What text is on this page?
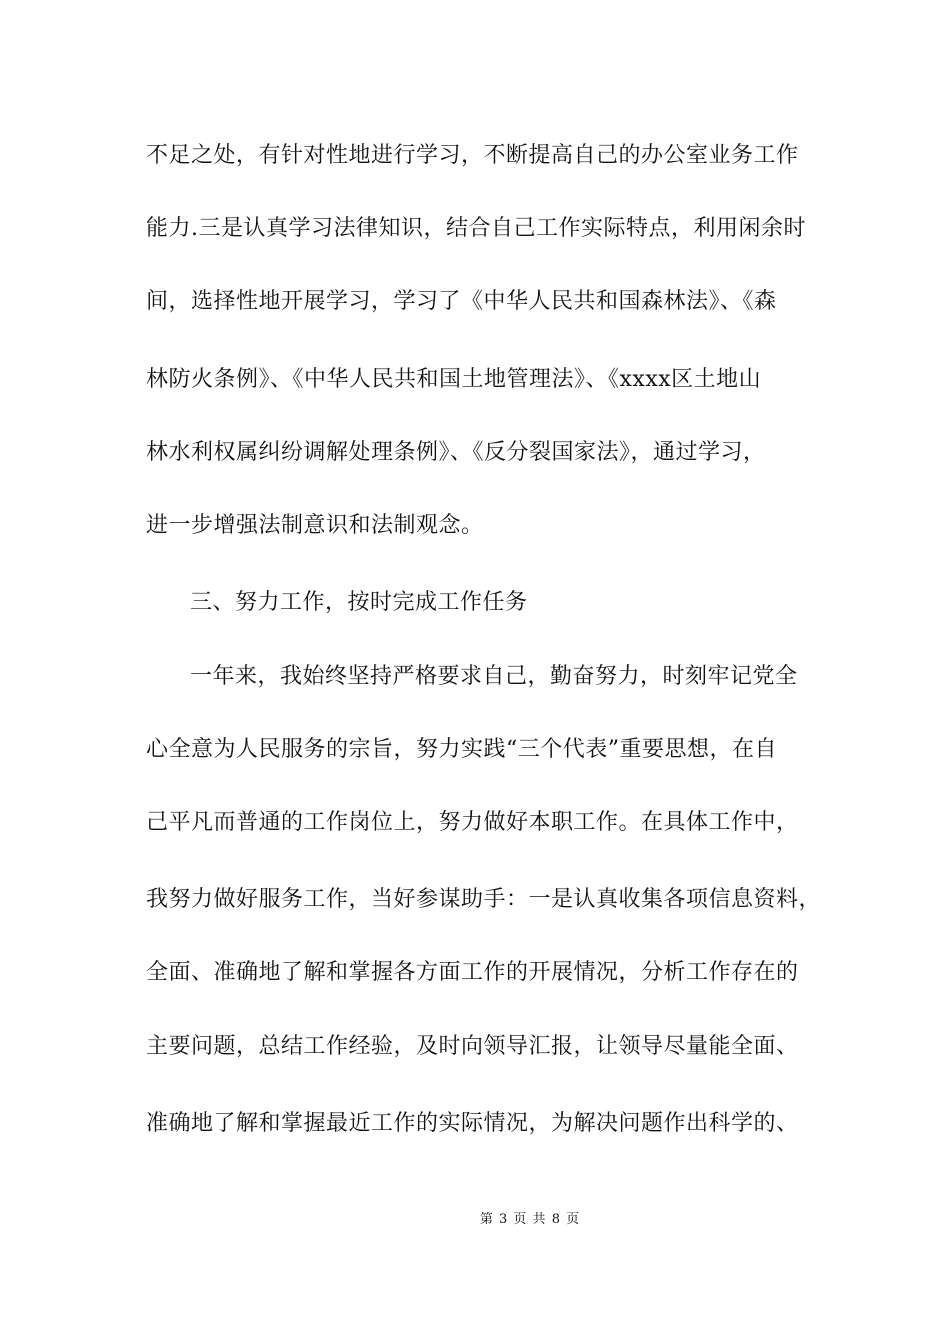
不足之处，有针对性地进行学习，不断提高自己的办公室业务工作
能力.三是认真学习法律知识，结合自己工作实际特点，利用闲余时
间，选择性地开展学习，学习了《中华人民共和国森林法》、《森
林防火条例》、《中华人民共和国土地管理法》、《xxxx区土地山
林水利权属纠纷调解处理条例》、《反分裂国家法》，通过学习，
进一步增强法制意识和法制观念。
三、努力工作，按时完成工作任务
一年来，我始终坚持严格要求自己，勤奋努力，时刻牢记党全
心全意为人民服务的宗旨，努力实践“三个代表”重要思想，在自
己平凡而普通的工作岗位上，努力做好本职工作。在具体工作中，
我努力做好服务工作，当好参谋助手：一是认真收集各项信息资料，
全面、准确地了解和掌握各方面工作的开展情况，分析工作存在的
主要问题，总结工作经验，及时向领导汇报，让领导尽量能全面、
准确地了解和掌握最近工作的实际情况，为解决问题作出科学的、
第 3 页 共 8 页
